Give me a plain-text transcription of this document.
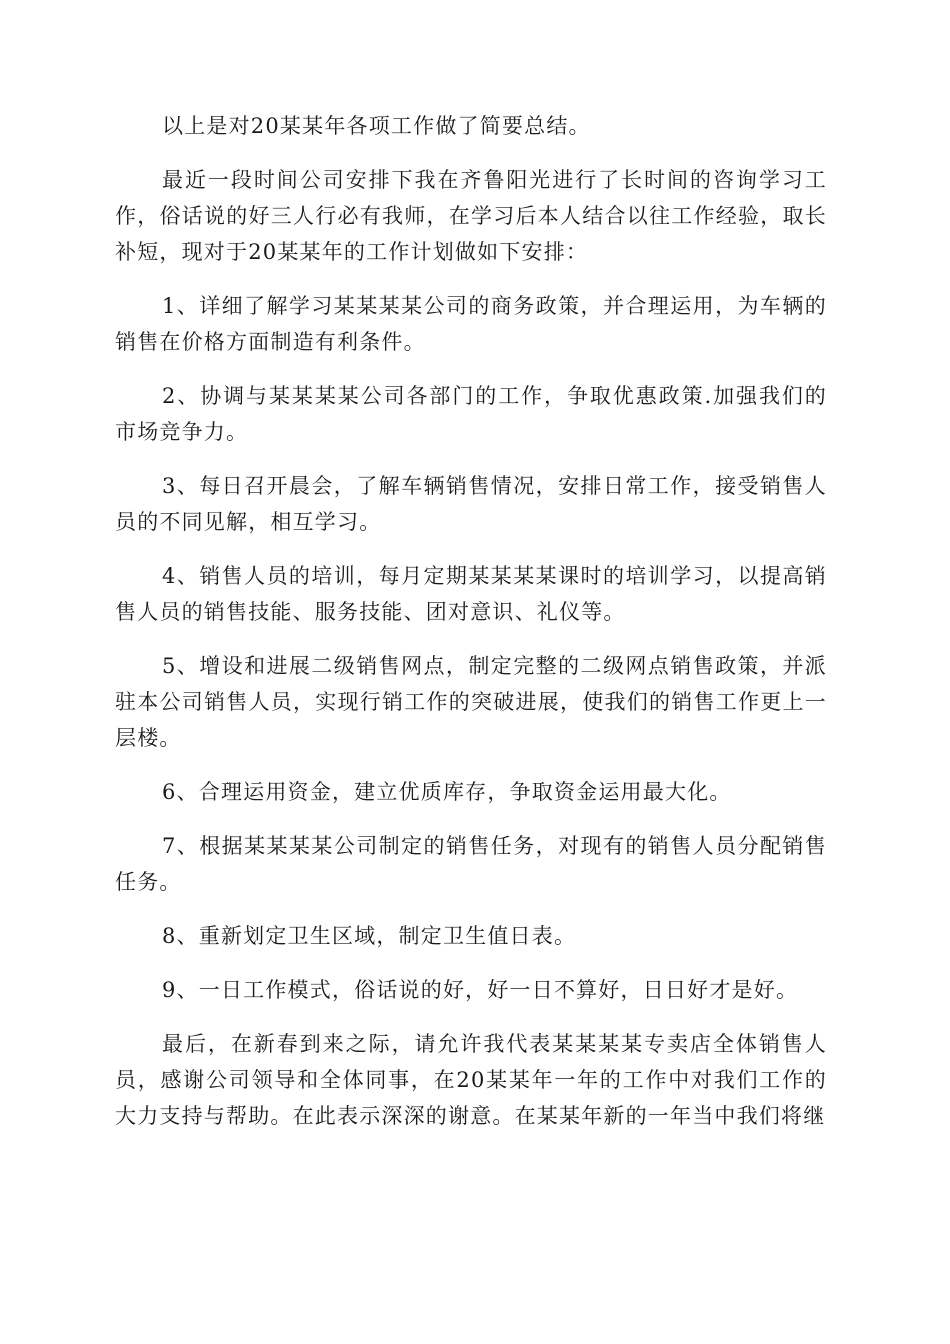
以上是对20某某年各项工作做了简要总结。

最近一段时间公司安排下我在齐鲁阳光进行了长时间的咨询学习工作，俗话说的好三人行必有我师，在学习后本人结合以往工作经验，取长补短，现对于20某某年的工作计划做如下安排：

1、详细了解学习某某某某公司的商务政策，并合理运用，为车辆的销售在价格方面制造有利条件。

2、协调与某某某某公司各部门的工作，争取优惠政策.加强我们的市场竞争力。

3、每日召开晨会，了解车辆销售情况，安排日常工作，接受销售人员的不同见解，相互学习。

4、销售人员的培训，每月定期某某某某课时的培训学习，以提高销售人员的销售技能、服务技能、团对意识、礼仪等。

5、增设和进展二级销售网点，制定完整的二级网点销售政策，并派驻本公司销售人员，实现行销工作的突破进展，使我们的销售工作更上一层楼。

6、合理运用资金，建立优质库存，争取资金运用最大化。

7、根据某某某某公司制定的销售任务，对现有的销售人员分配销售任务。

8、重新划定卫生区域，制定卫生值日表。

9、一日工作模式，俗话说的好，好一日不算好，日日好才是好。

最后，在新春到来之际，请允许我代表某某某某专卖店全体销售人员，感谢公司领导和全体同事，在20某某年一年的工作中对我们工作的大力支持与帮助。在此表示深深的谢意。在某某年新的一年当中我们将继
